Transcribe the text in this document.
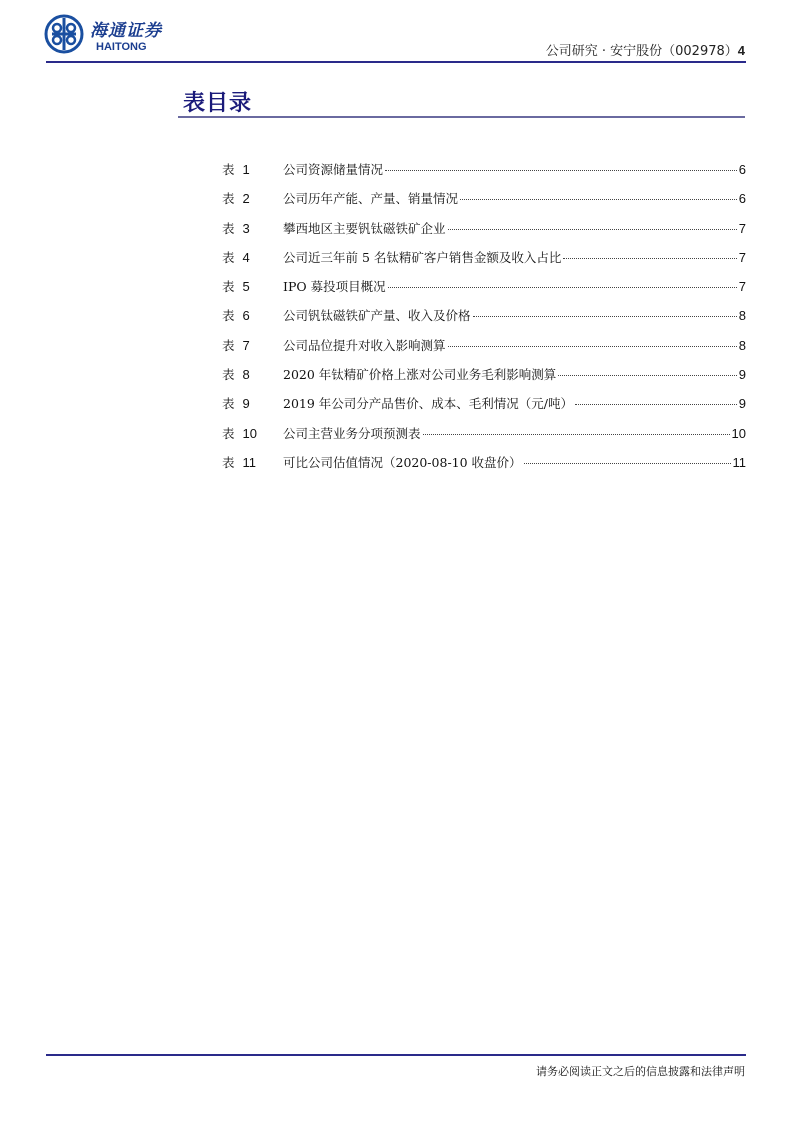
海通证券
HAITONG	公司研究 · 安宁股份（002978）4
表目录
表 1	公司资源储量情况	6
表 2	公司历年产能、产量、销量情况	6
表 3	攀西地区主要钒钛磁铁矿企业	7
表 4	公司近三年前 5 名钛精矿客户销售金额及收入占比	7
表 5	IPO 募投项目概况	7
表 6	公司钒钛磁铁矿产量、收入及价格	8
表 7	公司品位提升对收入影响测算	8
表 8	2020 年钛精矿价格上涨对公司业务毛利影响测算	9
表 9	2019 年公司分产品售价、成本、毛利情况（元/吨）	9
表 10	公司主营业务分项预测表	10
表 11	可比公司估值情况（2020-08-10 收盘价）	11
请务必阅读正文之后的信息披露和法律声明
